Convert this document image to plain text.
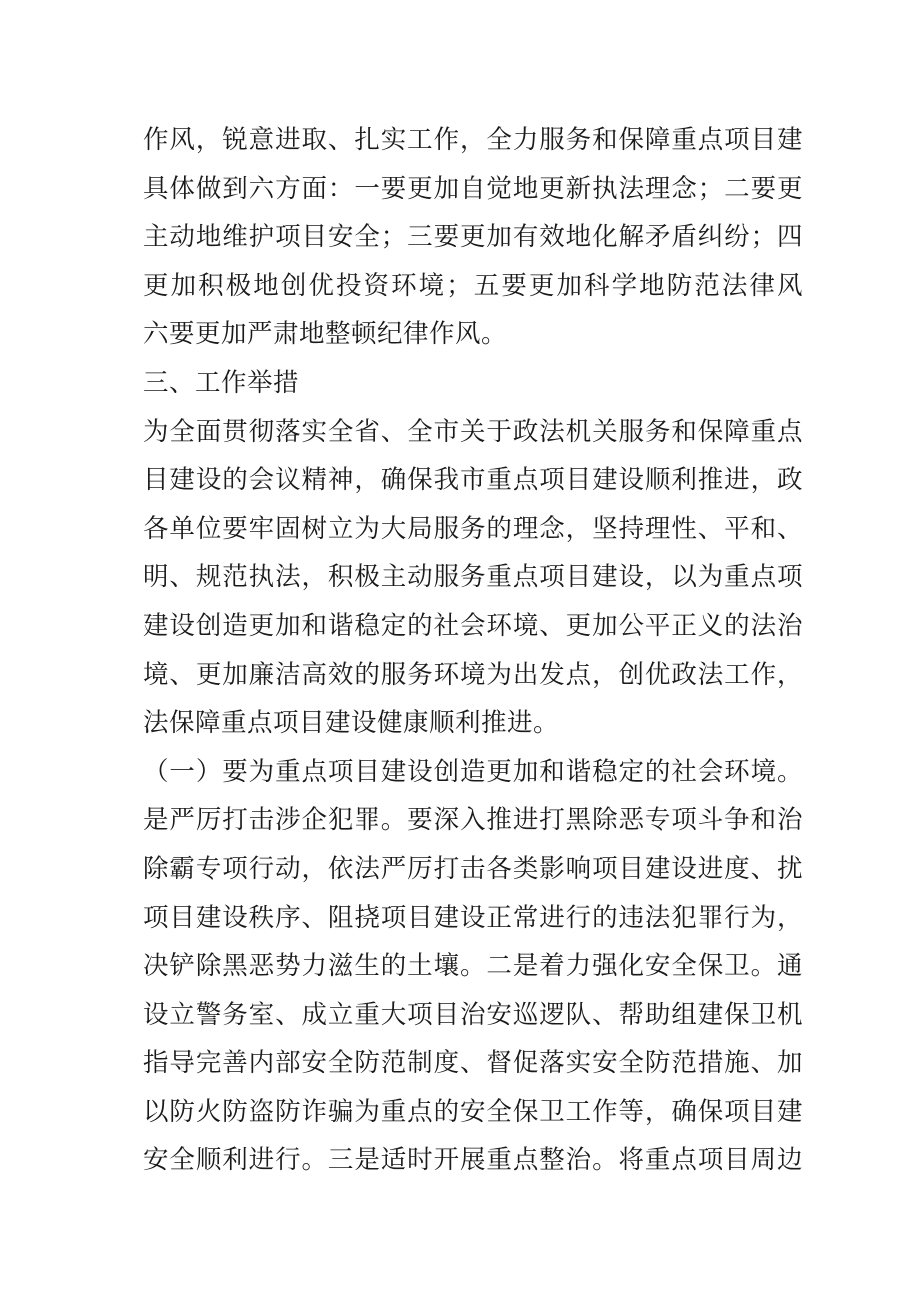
作风，锐意进取、扎实工作，全力服务和保障重点项目建
具体做到六方面：一要更加自觉地更新执法理念；二要更
主动地维护项目安全；三要更加有效地化解矛盾纠纷；四
更加积极地创优投资环境；五要更加科学地防范法律风
六要更加严肃地整顿纪律作风。
三、工作举措
为全面贯彻落实全省、全市关于政法机关服务和保障重点
目建设的会议精神，确保我市重点项目建设顺利推进，政
各单位要牢固树立为大局服务的理念，坚持理性、平和、
明、规范执法，积极主动服务重点项目建设，以为重点项
建设创造更加和谐稳定的社会环境、更加公平正义的法治
境、更加廉洁高效的服务环境为出发点，创优政法工作，
法保障重点项目建设健康顺利推进。
（一）要为重点项目建设创造更加和谐稳定的社会环境。
是严厉打击涉企犯罪。要深入推进打黑除恶专项斗争和治
除霸专项行动，依法严厉打击各类影响项目建设进度、扰
项目建设秩序、阻挠项目建设正常进行的违法犯罪行为，
决铲除黑恶势力滋生的土壤。二是着力强化安全保卫。通
设立警务室、成立重大项目治安巡逻队、帮助组建保卫机
指导完善内部安全防范制度、督促落实安全防范措施、加
以防火防盗防诈骗为重点的安全保卫工作等，确保项目建
安全顺利进行。三是适时开展重点整治。将重点项目周边
